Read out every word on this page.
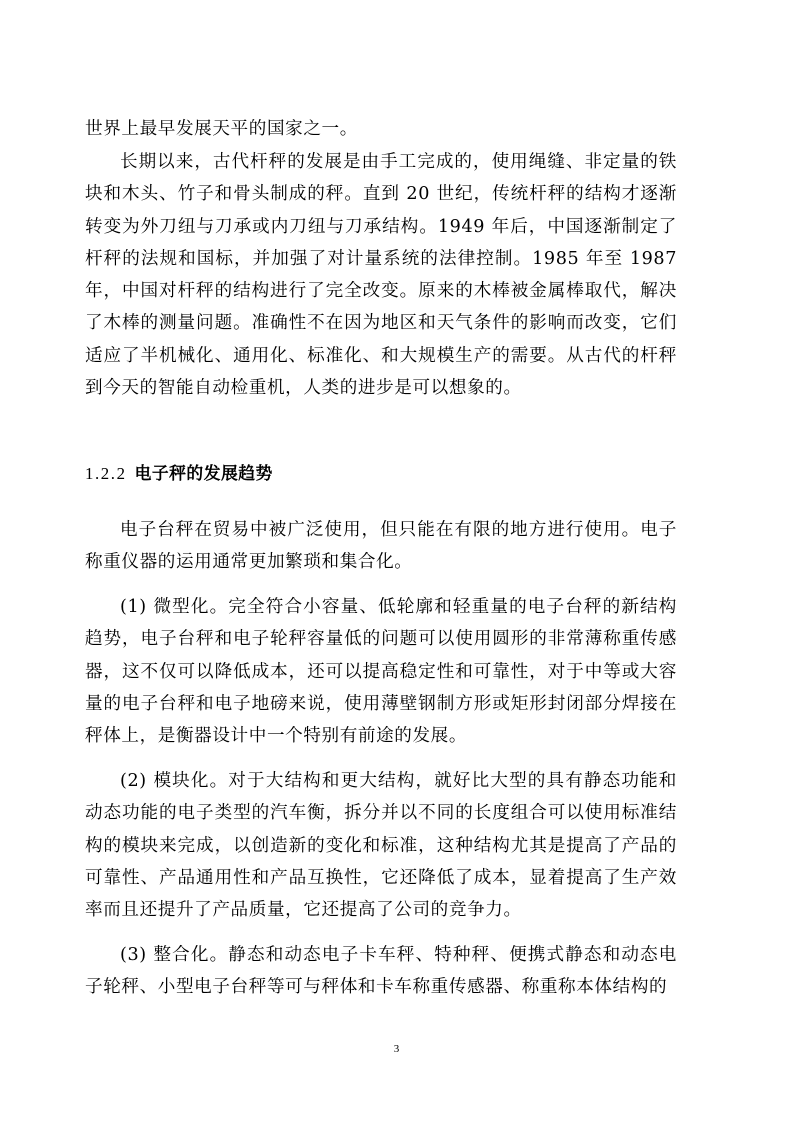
世界上最早发展天平的国家之一。

长期以来，古代杆秤的发展是由手工完成的，使用绳缝、非定量的铁块和木头、竹子和骨头制成的秤。直到 20 世纪，传统杆秤的结构才逐渐转变为外刀纽与刀承或内刀纽与刀承结构。1949 年后，中国逐渐制定了杆秤的法规和国标，并加强了对计量系统的法律控制。1985 年至 1987 年，中国对杆秤的结构进行了完全改变。原来的木棒被金属棒取代，解决了木棒的测量问题。准确性不在因为地区和天气条件的影响而改变，它们适应了半机械化、通用化、标准化、和大规模生产的需要。从古代的杆秤到今天的智能自动检重机，人类的进步是可以想象的。

1.2.2 电子秤的发展趋势

电子台秤在贸易中被广泛使用，但只能在有限的地方进行使用。电子称重仪器的运用通常更加繁琐和集合化。

(1) 微型化。完全符合小容量、低轮廓和轻重量的电子台秤的新结构趋势，电子台秤和电子轮秤容量低的问题可以使用圆形的非常薄称重传感器，这不仅可以降低成本，还可以提高稳定性和可靠性，对于中等或大容量的电子台秤和电子地磅来说，使用薄壁钢制方形或矩形封闭部分焊接在秤体上，是衡器设计中一个特别有前途的发展。

(2) 模块化。对于大结构和更大结构，就好比大型的具有静态功能和动态功能的电子类型的汽车衡，拆分并以不同的长度组合可以使用标准结构的模块来完成，以创造新的变化和标准，这种结构尤其是提高了产品的可靠性、产品通用性和产品互换性，它还降低了成本，显着提高了生产效率而且还提升了产品质量，它还提高了公司的竞争力。

(3) 整合化。静态和动态电子卡车秤、特种秤、便携式静态和动态电子轮秤、小型电子台秤等可与秤体和卡车称重传感器、称重称本体结构的

3
